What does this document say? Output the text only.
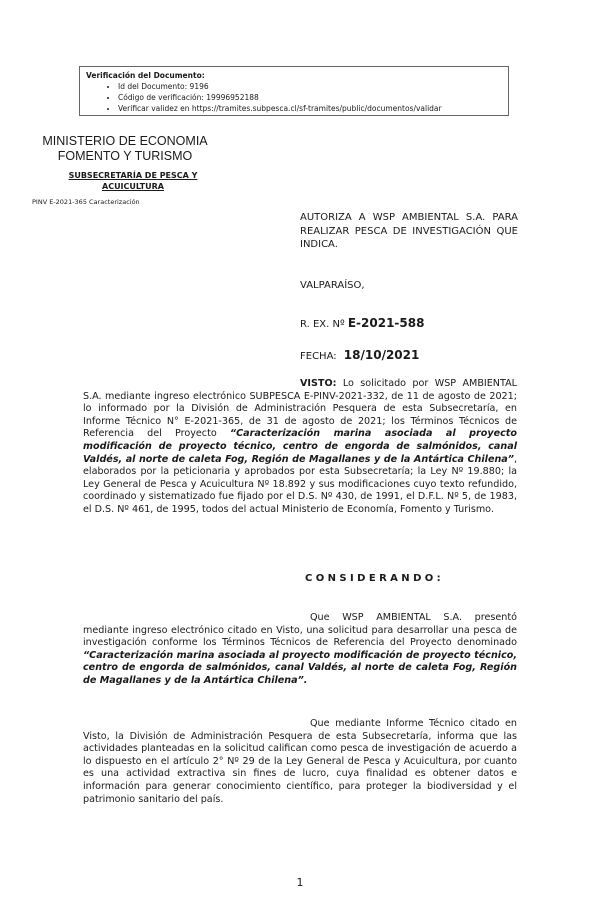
Verificación del Documento:
• Id del Documento: 9196
• Código de verificación: 19996952188
• Verificar validez en https://tramites.subpesca.cl/sf-tramites/public/documentos/validar
MINISTERIO DE ECONOMIA
FOMENTO Y TURISMO
SUBSECRETARÍA DE PESCA Y ACUICULTURA
PINV E-2021-365 Caracterización
AUTORIZA A WSP AMBIENTAL S.A. PARA REALIZAR PESCA DE INVESTIGACIÓN QUE INDICA.
VALPARAÍSO,
R. EX. Nº E-2021-588
FECHA: 18/10/2021

VISTO: Lo solicitado por WSP AMBIENTAL S.A. mediante ingreso electrónico SUBPESCA E-PINV-2021-332, de 11 de agosto de 2021; lo informado por la División de Administración Pesquera de esta Subsecretaría, en Informe Técnico N° E-2021-365, de 31 de agosto de 2021; los Términos Técnicos de Referencia del Proyecto “Caracterización marina asociada al proyecto modificación de proyecto técnico, centro de engorda de salmónidos, canal Valdés, al norte de caleta Fog, Región de Magallanes y de la Antártica Chilena”, elaborados por la peticionaria y aprobados por esta Subsecretaría; la Ley Nº 19.880; la Ley General de Pesca y Acuicultura Nº 18.892 y sus modificaciones cuyo texto refundido, coordinado y sistematizado fue fijado por el D.S. Nº 430, de 1991, el D.F.L. Nº 5, de 1983, el D.S. Nº 461, de 1995, todos del actual Ministerio de Economía, Fomento y Turismo.

CONSIDERANDO:

Que WSP AMBIENTAL S.A. presentó mediante ingreso electrónico citado en Visto, una solicitud para desarrollar una pesca de investigación conforme los Términos Técnicos de Referencia del Proyecto denominado “Caracterización marina asociada al proyecto modificación de proyecto técnico, centro de engorda de salmónidos, canal Valdés, al norte de caleta Fog, Región de Magallanes y de la Antártica Chilena”.

Que mediante Informe Técnico citado en Visto, la División de Administración Pesquera de esta Subsecretaría, informa que las actividades planteadas en la solicitud califican como pesca de investigación de acuerdo a lo dispuesto en el artículo 2° Nº 29 de la Ley General de Pesca y Acuicultura, por cuanto es una actividad extractiva sin fines de lucro, cuya finalidad es obtener datos e información para generar conocimiento científico, para proteger la biodiversidad y el patrimonio sanitario del país.

1
